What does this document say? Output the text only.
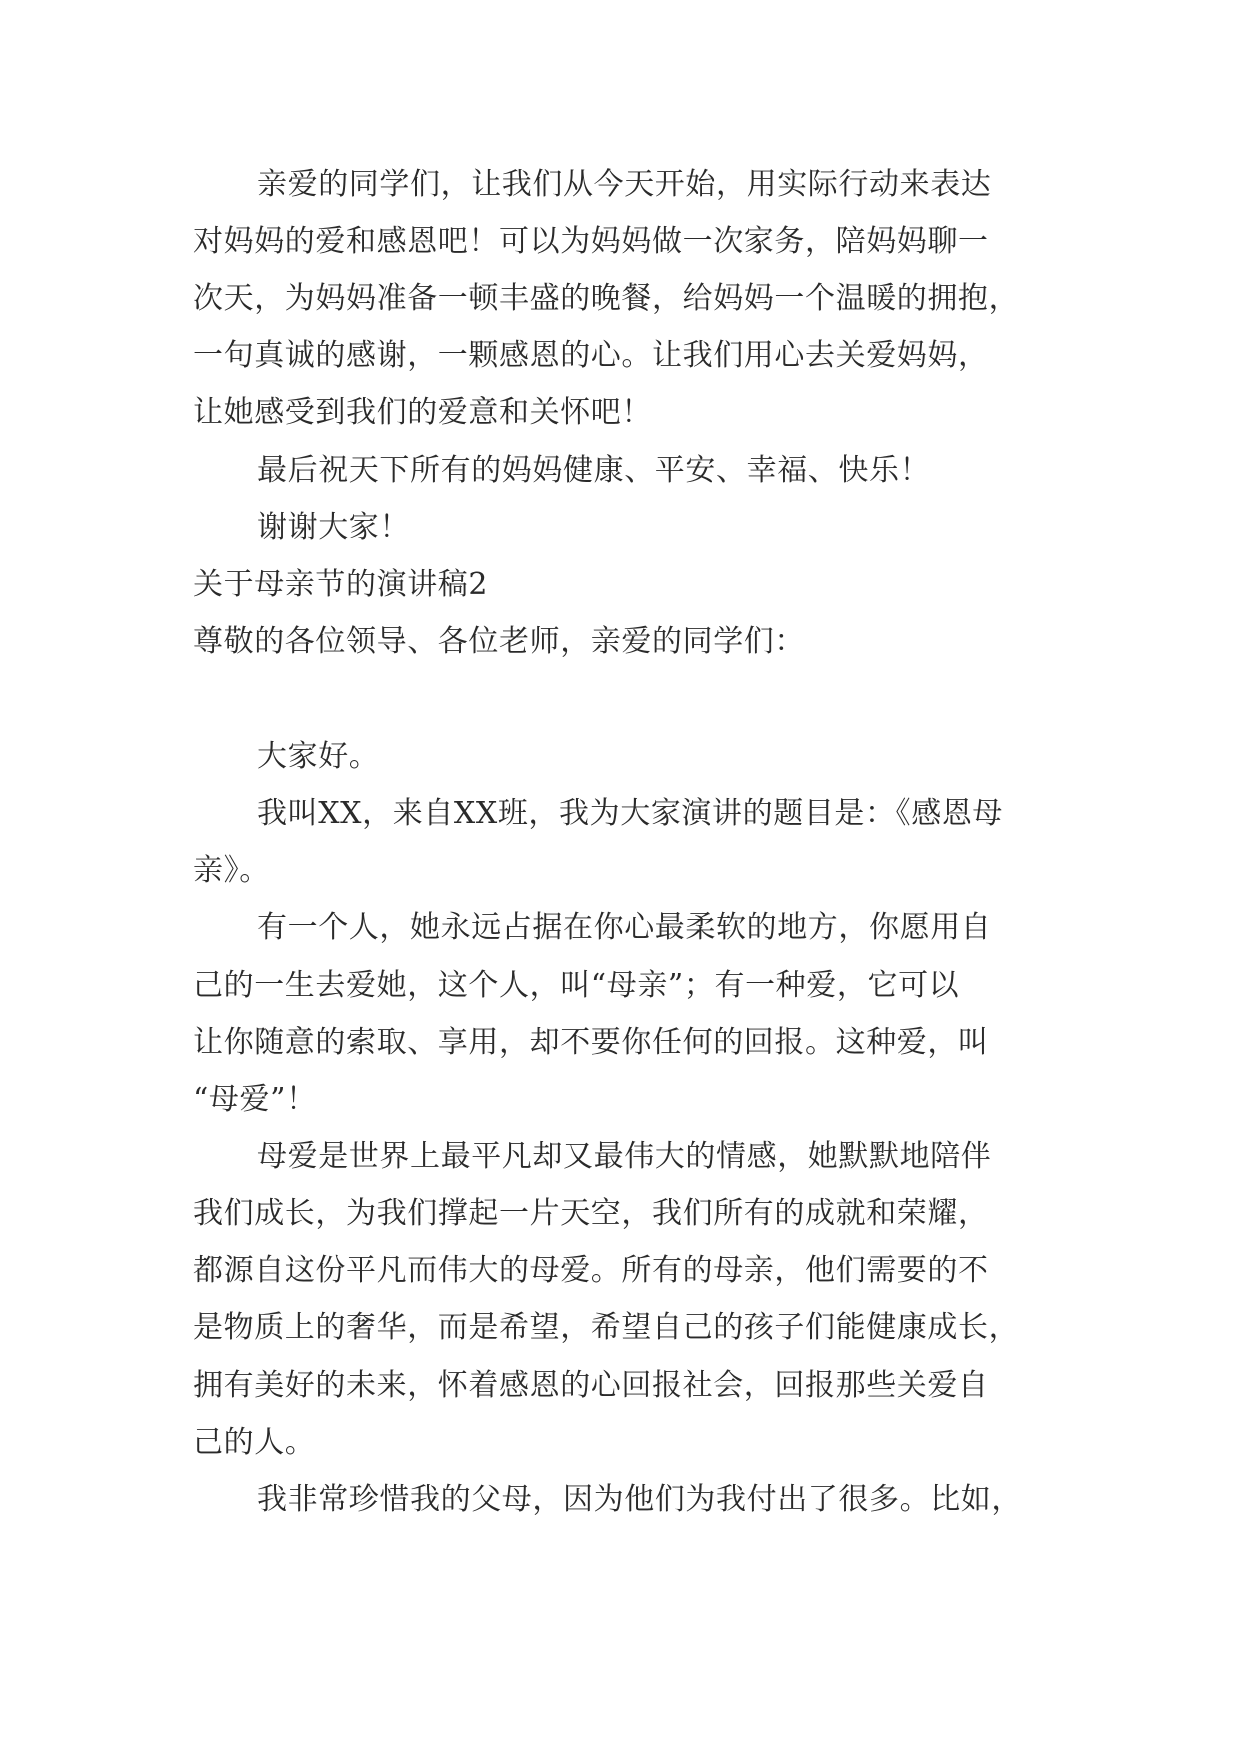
亲爱的同学们，让我们从今天开始，用实际行动来表达
对妈妈的爱和感恩吧！可以为妈妈做一次家务，陪妈妈聊一
次天，为妈妈准备一顿丰盛的晚餐，给妈妈一个温暖的拥抱，
一句真诚的感谢，一颗感恩的心。让我们用心去关爱妈妈，
让她感受到我们的爱意和关怀吧！
最后祝天下所有的妈妈健康、平安、幸福、快乐！
谢谢大家！
关于母亲节的演讲稿2
尊敬的各位领导、各位老师，亲爱的同学们：
大家好。
我叫XX，来自XX班，我为大家演讲的题目是：《感恩母
亲》。
有一个人，她永远占据在你心最柔软的地方，你愿用自
己的一生去爱她，这个人，叫“母亲”；有一种爱，它可以
让你随意的索取、享用，却不要你任何的回报。这种爱，叫
“母爱”！
母爱是世界上最平凡却又最伟大的情感，她默默地陪伴
我们成长，为我们撑起一片天空，我们所有的成就和荣耀，
都源自这份平凡而伟大的母爱。所有的母亲，他们需要的不
是物质上的奢华，而是希望，希望自己的孩子们能健康成长，
拥有美好的未来，怀着感恩的心回报社会，回报那些关爱自
己的人。
我非常珍惜我的父母，因为他们为我付出了很多。比如，
